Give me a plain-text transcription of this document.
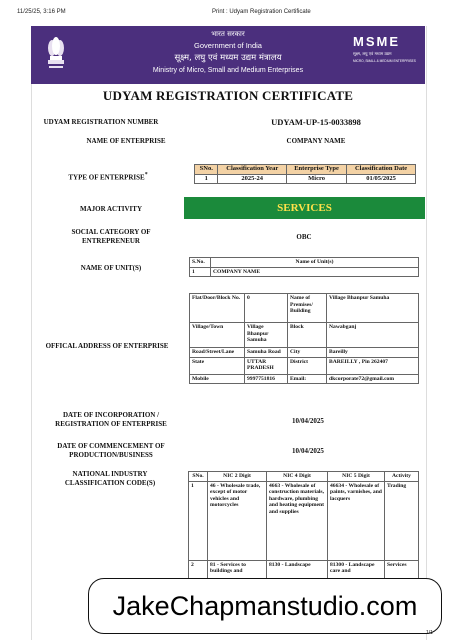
11/25/25, 3:16 PM	Print : Udyam Registration Certificate
भारत सरकार
Government of India
सूक्ष्म, लघु एवं मध्यम उद्यम मंत्रालय
Ministry of Micro, Small and Medium Enterprises
MSME
सूक्ष्म, लघु एवं मध्यम उद्यम
MICRO, SMALL & MEDIUM ENTERPRISES
UDYAM REGISTRATION CERTIFICATE
UDYAM REGISTRATION NUMBER	UDYAM-UP-15-0033898
NAME OF ENTERPRISE	COMPANY NAME
TYPE OF ENTERPRISE*
SNo.	Classification Year	Enterprise Type	Classification Date
1	2025-24	Micro	01/05/2025
MAJOR ACTIVITY	SERVICES
SOCIAL CATEGORY OF
ENTREPRENEUR	OBC
NAME OF UNIT(S)
S.No.	Name of Unit(s)
1	COMPANY NAME
OFFICAL ADDRESS OF ENTERPRISE
Flat/Door/Block No.	0	Name of Premises/ Building	Village Bhanpur Samuha
Village/Town	Village Bhanpur Samuha	Block	Nawabganj
Road/Street/Lane	Samuha Road	City	Bareilly
State	UTTAR PRADESH	District	BAREILLY , Pin 262407
Mobile	9997751816	Email:	dkcorporate72@gmail.com
DATE OF INCORPORATION /
REGISTRATION OF ENTERPRISE	10/04/2025
DATE OF COMMENCEMENT OF
PRODUCTION/BUSINESS	10/04/2025
NATIONAL INDUSTRY
CLASSIFICATION CODE(S)
SNo.	NIC 2 Digit	NIC 4 Digit	NIC 5 Digit	Activity
1	46 - Wholesale trade, except of motor vehicles and motorcycles	4663 - Wholesale of construction materials, hardware, plumbing and heating equipment and supplies	46634 - Wholesale of paints, varnishes, and lacquers	Trading
2	81 - Services to buildings and	8130 - Landscape	81300 - Landscape care and	Services
JakeChapmanstudio.com
1/1
